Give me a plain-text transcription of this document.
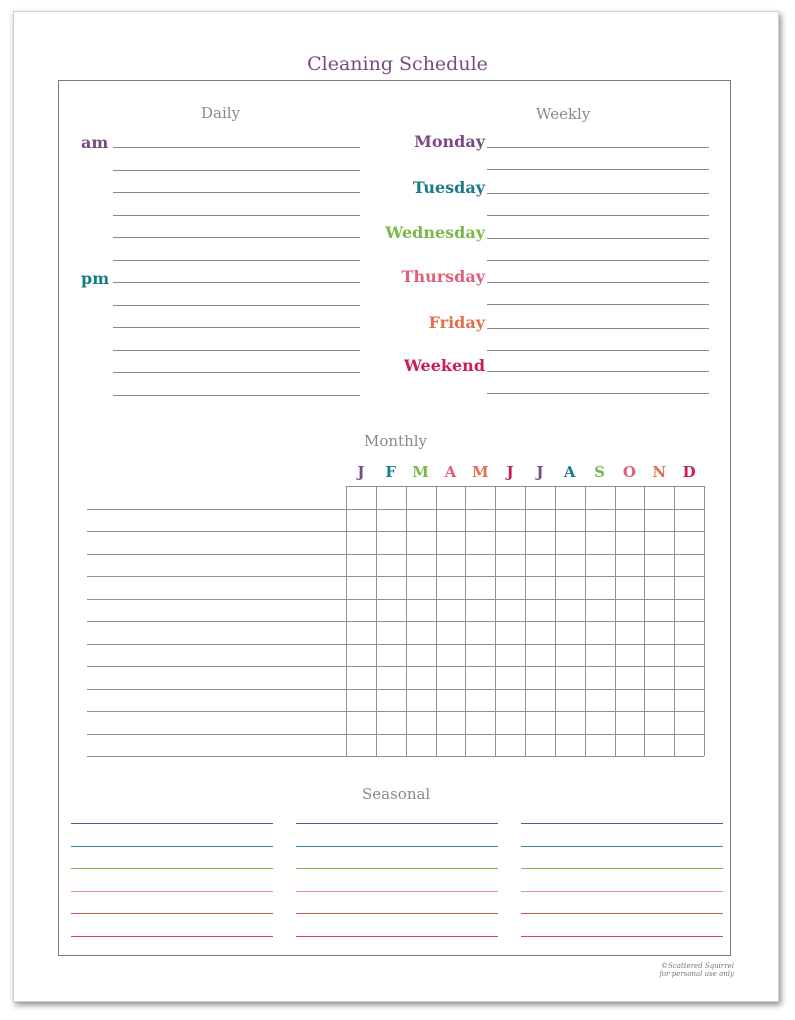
Cleaning Schedule
Daily
am
pm
Weekly
Monday
Tuesday
Wednesday
Thursday
Friday
Weekend
Monthly
J	F	M	A	M	J	J	A	S	O	N	D
Seasonal
©Scattered Squirrel
for personal use only
